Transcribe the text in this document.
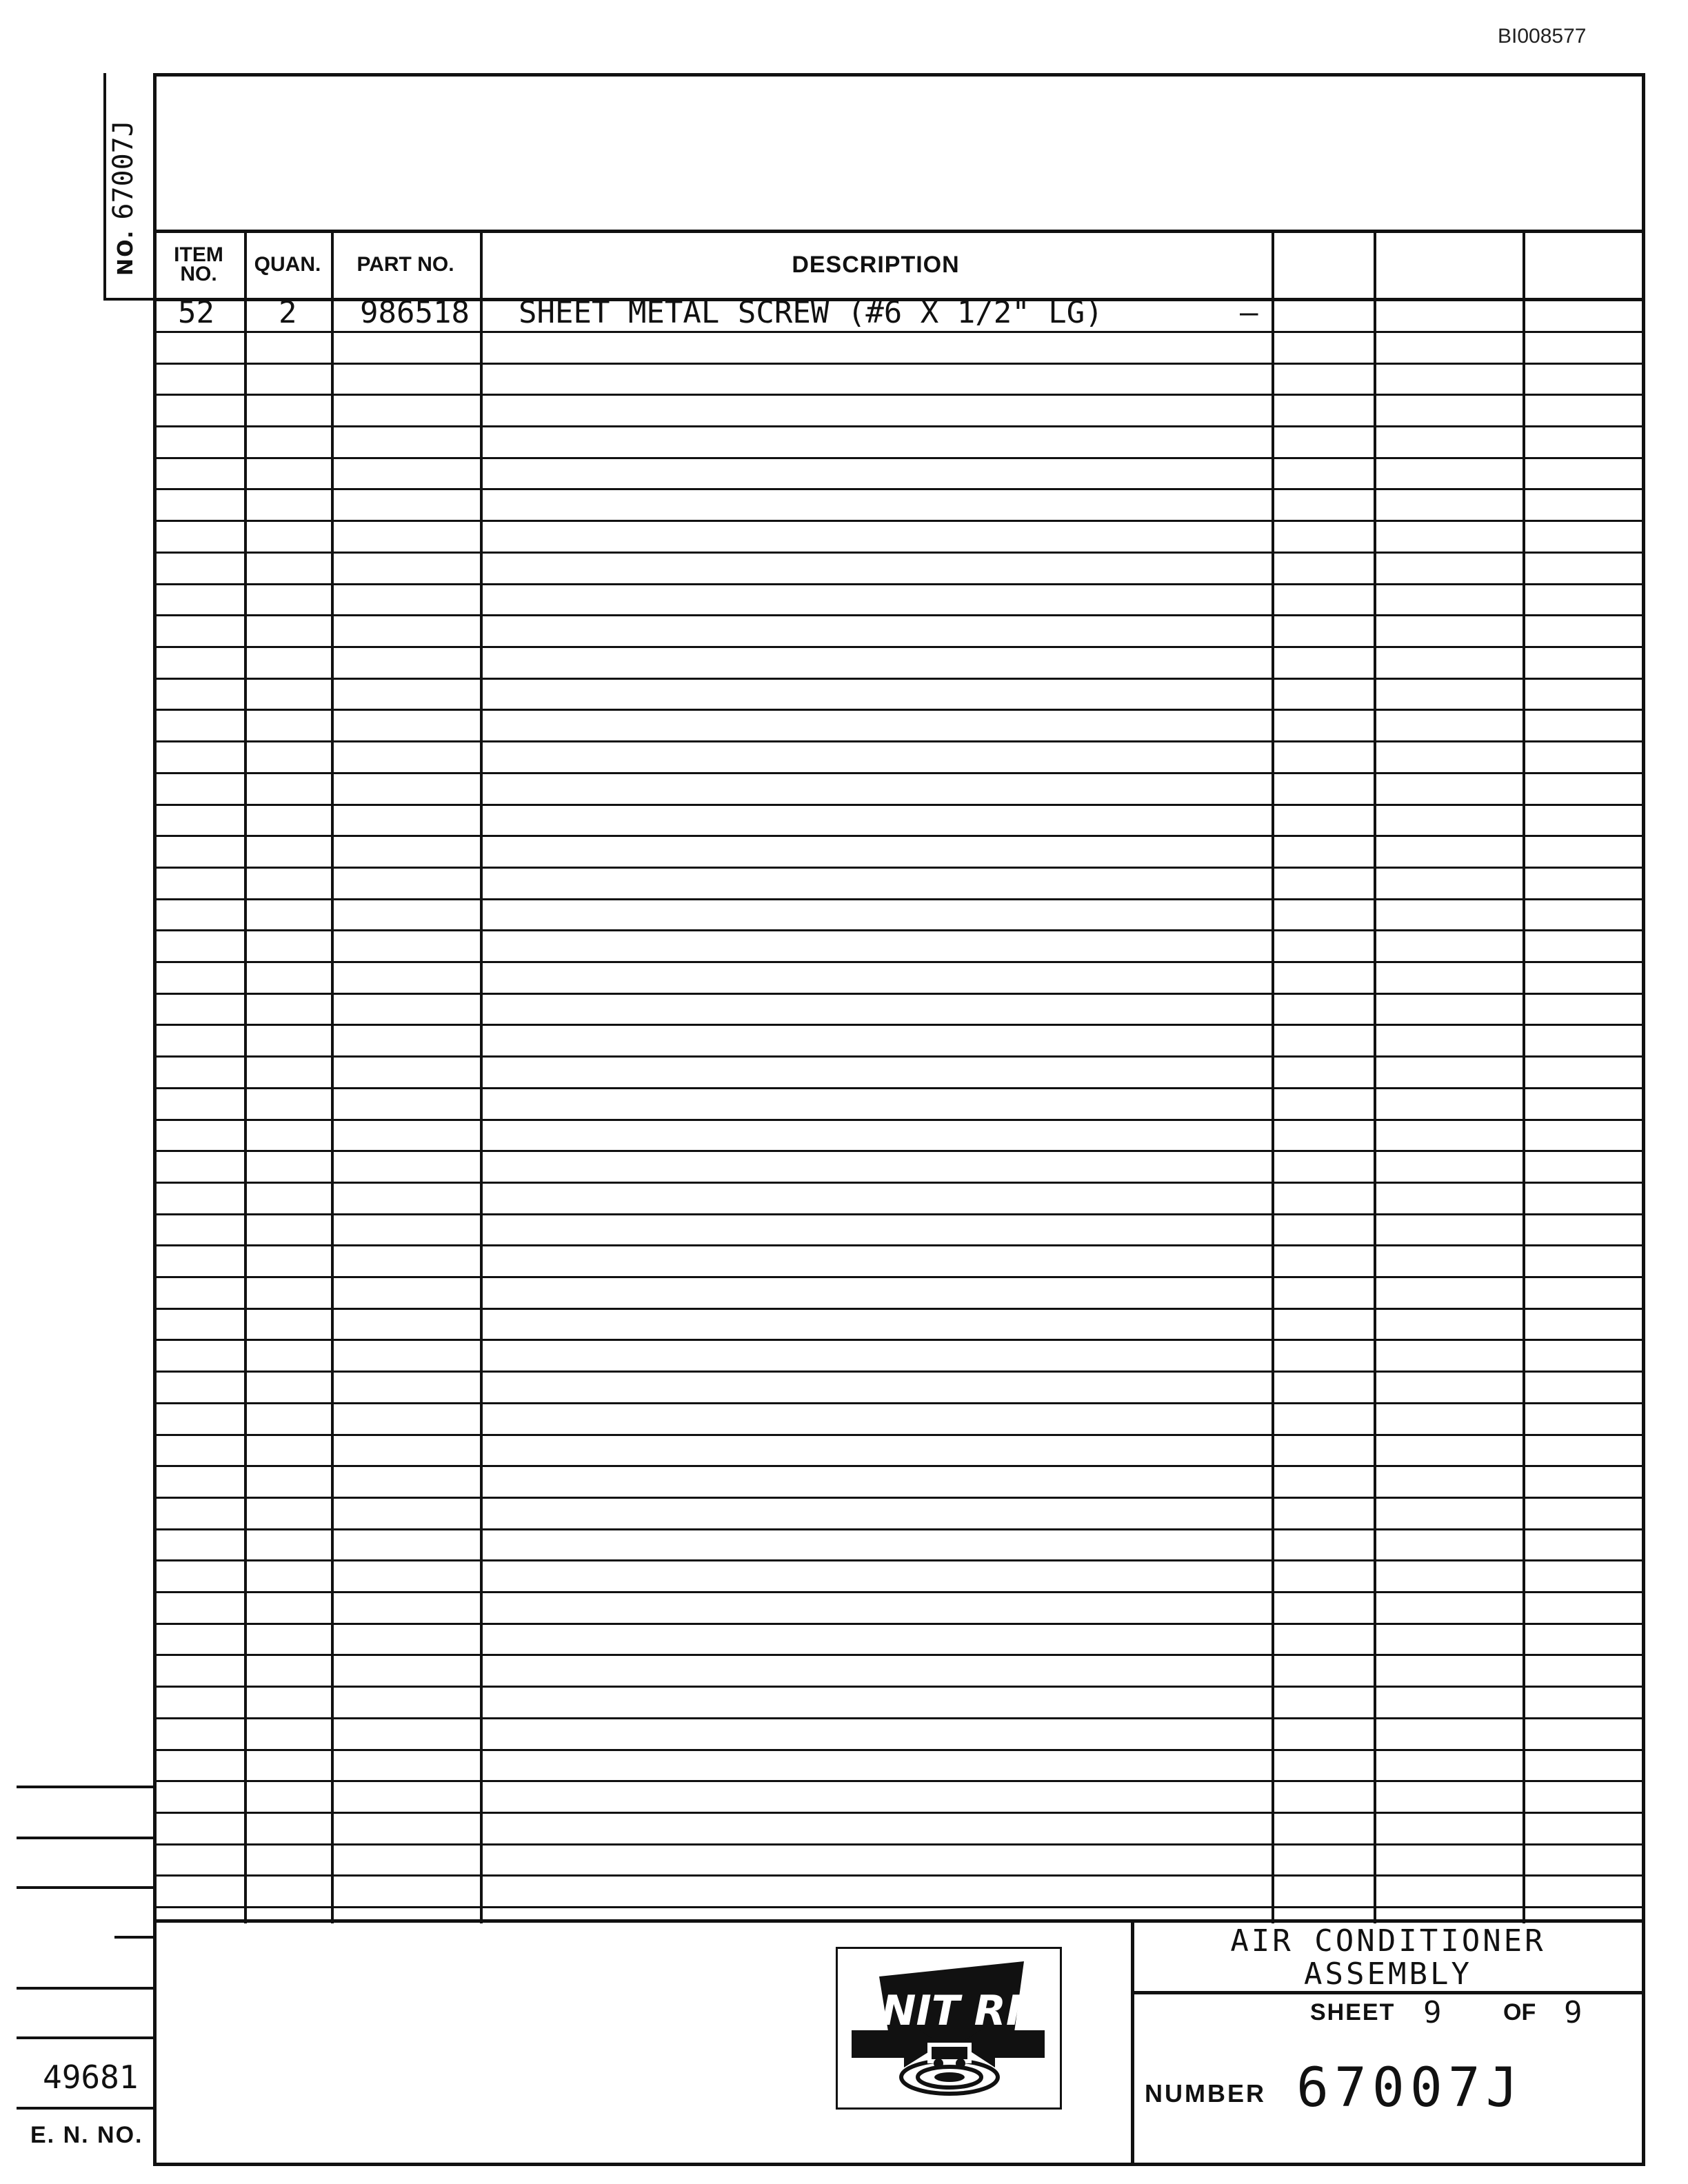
BI008577
NO.67007J
49681
E. N. NO.
ITEM NO.	QUAN.	PART NO.	DESCRIPTION
52 2 986518 SHEET METAL SCREW (#6 X 1/2" LG)	—
UNIT RIG
AIR CONDITIONER
ASSEMBLY
SHEET 9	OF 9
NUMBER 67007J
